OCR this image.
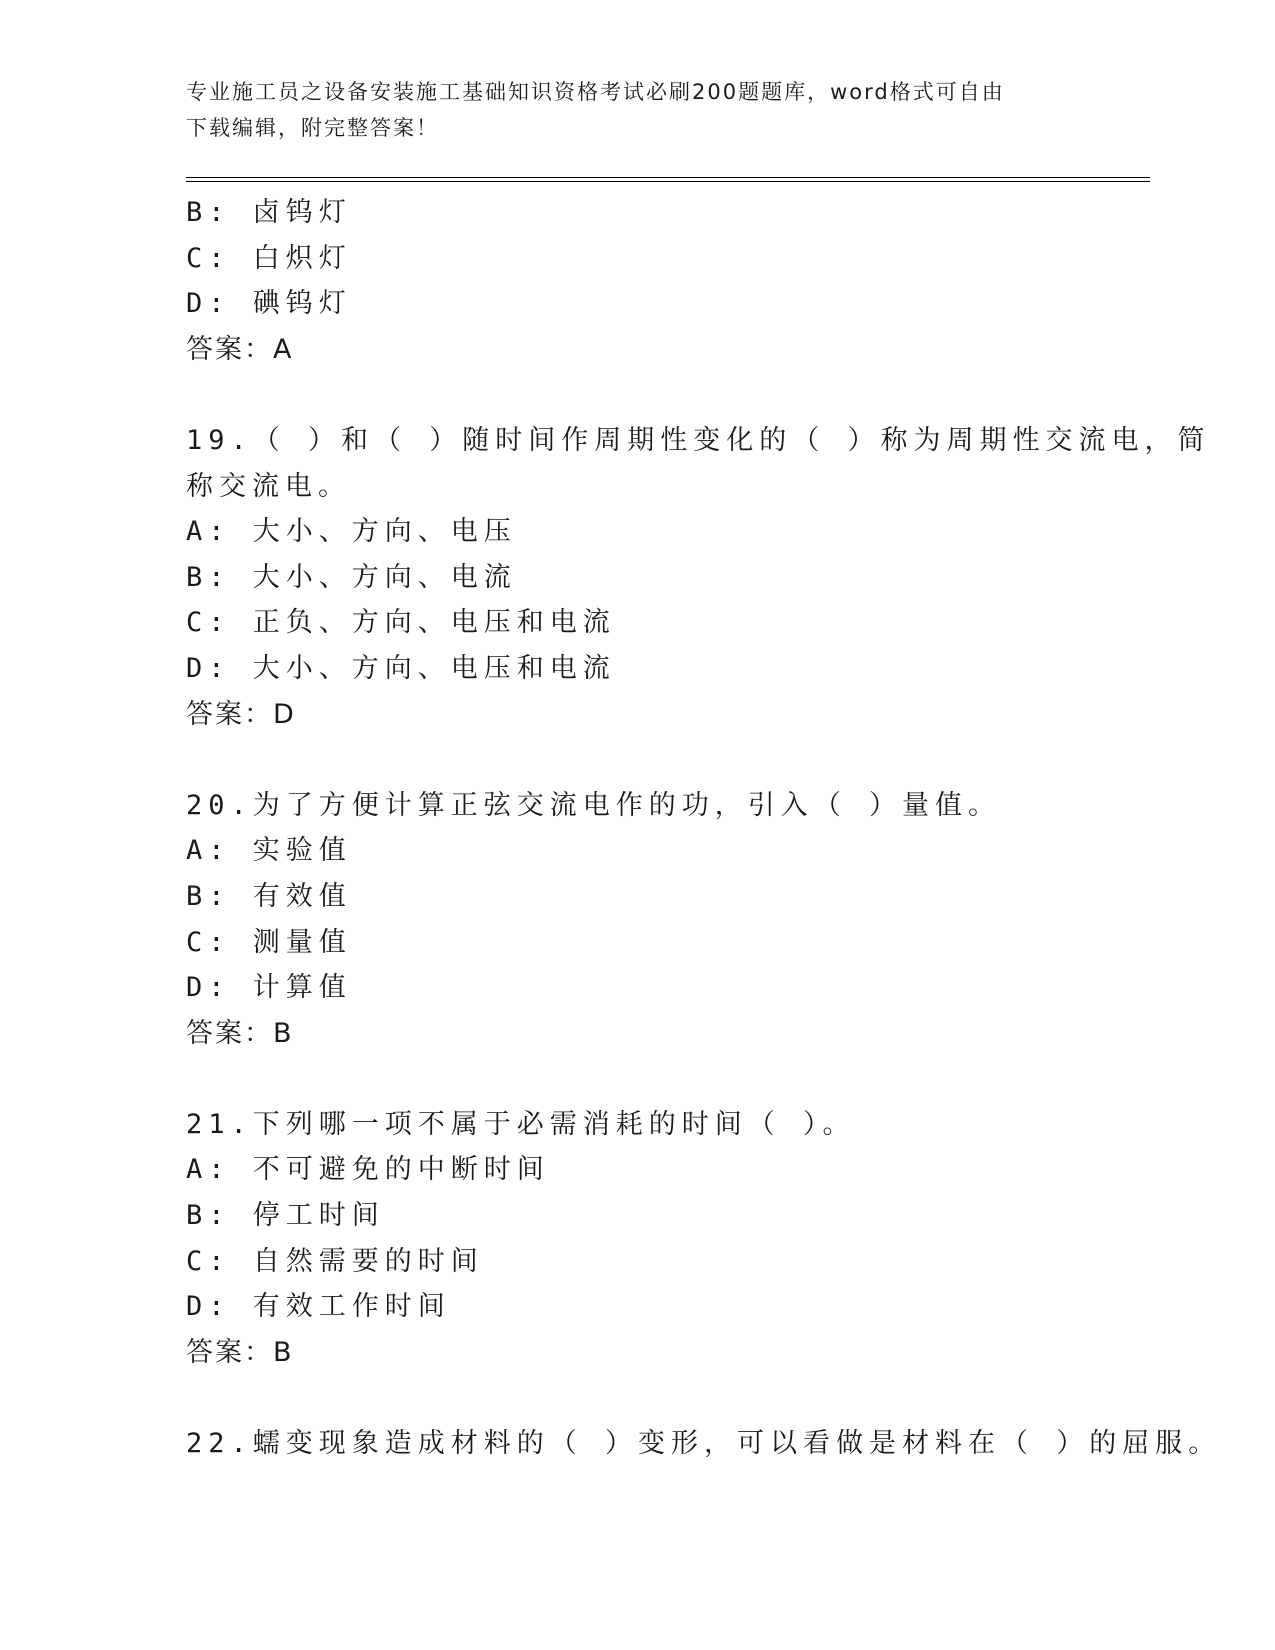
专业施工员之设备安装施工基础知识资格考试必刷200题题库，word格式可自由
下载编辑，附完整答案！
B: 卤钨灯
C: 白炽灯
D: 碘钨灯
答案：A
19.（ ）和（ ）随时间作周期性变化的（ ）称为周期性交流电，简
称交流电。
A: 大小、方向、电压
B: 大小、方向、电流
C: 正负、方向、电压和电流
D: 大小、方向、电压和电流
答案：D
20.为了方便计算正弦交流电作的功，引入（ ）量值。
A: 实验值
B: 有效值
C: 测量值
D: 计算值
答案：B
21.下列哪一项不属于必需消耗的时间（ ）。
A: 不可避免的中断时间
B: 停工时间
C: 自然需要的时间
D: 有效工作时间
答案：B
22.蠕变现象造成材料的（ ）变形，可以看做是材料在（ ）的屈服。
